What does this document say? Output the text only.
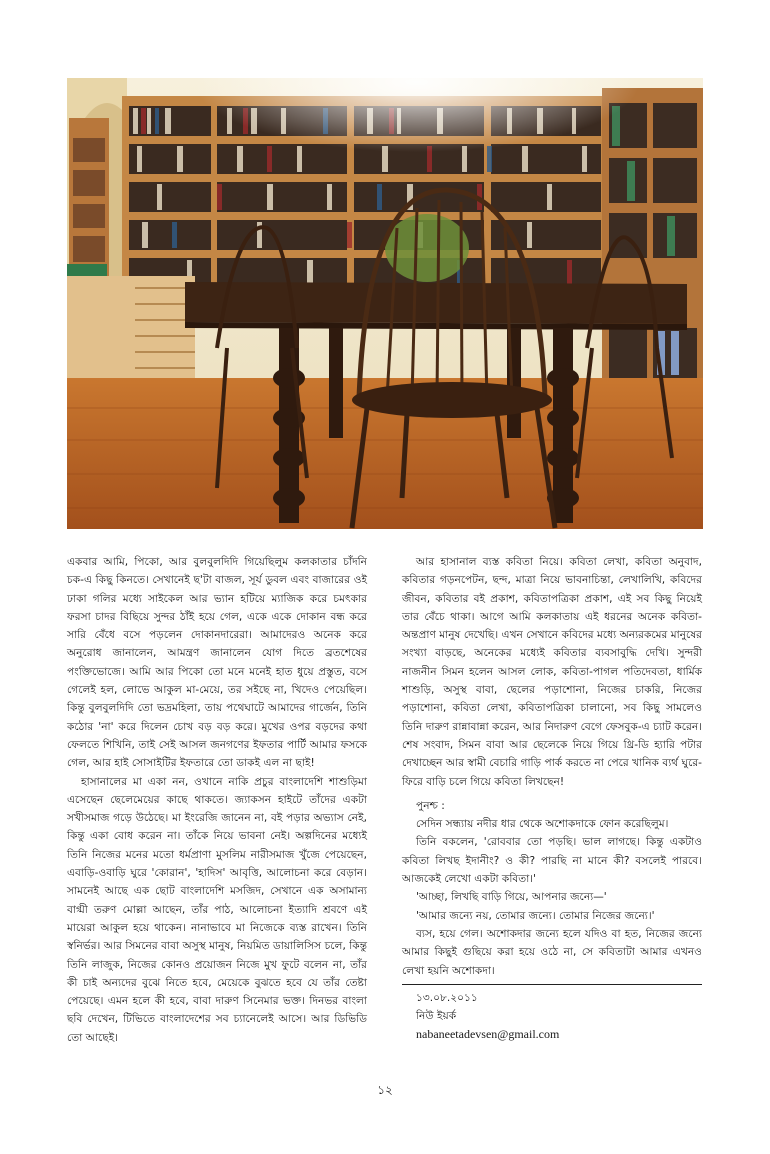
একবার আমি, পিকো, আর বুলবুলদিদি গিয়েছিলুম কলকাতার চাঁদনি চক-এ কিছু কিনতে। সেখানেই ছ'টা বাজল, সূর্য ডুবল এবং বাজারের ওই ঢাকা গলির মধ্যে সাইকেল আর ভ্যান হটিয়ে ম্যাজিক করে চমৎকার ফরসা চাদর বিছিয়ে সুন্দর ঠাঁই হয়ে গেল, একে একে দোকান বন্ধ করে সারি বেঁধে বসে পড়লেন দোকানদারেরা। আমাদেরও অনেক করে অনুরোধ জানালেন, আমন্ত্রণ জানালেন যোগ দিতে ব্রতশেষের পংক্তিভোজে। আমি আর পিকো তো মনে মনেই হাত ধুয়ে প্রস্তুত, বসে গেলেই হল, লোভে আকুল মা-মেয়ে, তর সইছে না, খিদেও পেয়েছিল। কিন্তু বুলবুলদিদি তো ভদ্রমহিলা, তায় পথেঘাটে আমাদের গার্জেন, তিনি কঠোর 'না' করে দিলেন চোখ বড় বড় করে। মুখের ওপর বড়দের কথা ফেলতে শিখিনি, তাই সেই আসল জনগণের ইফতার পার্টি আমার ফসকে গেল, আর হাই সোসাইটির ইফতারে তো ডাকই এল না ছাই!

হাসানালের মা একা নন, ওখানে নাকি প্রচুর বাংলাদেশি শাশুড়িমা এসেছেন ছেলেমেয়ের কাছে থাকতে। জ্যাকসন হাইটে তাঁদের একটা সখীসমাজ গড়ে উঠেছে। মা ইংরেজি জানেন না, বই পড়ার অভ্যাস নেই, কিন্তু একা বোধ করেন না। তাঁকে নিয়ে ভাবনা নেই। অল্পদিনের মধ্যেই তিনি নিজের মনের মতো ধর্মপ্রাণা মুসলিম নারীসমাজ খুঁজে পেয়েছেন, এবাড়ি-ওবাড়ি ঘুরে 'কোরান', 'হাদিস' আবৃত্তি, আলোচনা করে বেড়ান। সামনেই আছে এক ছোট বাংলাদেশি মসজিদ, সেখানে এক অসামান্য বাগ্মী তরুণ মোল্লা আছেন, তাঁর পাঠ, আলোচনা ইত্যাদি শ্রবণে এই মায়েরা আকুল হয়ে থাকেন। নানাভাবে মা নিজেকে ব্যস্ত রাখেন। তিনি স্বনির্ভর। আর সিমনের বাবা অসুস্থ মানুষ, নিয়মিত ডায়ালিসিস চলে, কিন্তু তিনি লাজুক, নিজের কোনও প্রয়োজন নিজে মুখ ফুটে বলেন না, তাঁর কী চাই অন্যদের বুঝে নিতে হবে, মেয়েকে বুঝতে হবে যে তাঁর তেষ্টা পেয়েছে। এমন হলে কী হবে, বাবা দারুণ সিনেমার ভক্ত। দিনভর বাংলা ছবি দেখেন, টিভিতে বাংলাদেশের সব চ্যানেলেই আসে। আর ডিভিডি তো আছেই।

আর হাসানাল ব্যস্ত কবিতা নিয়ে। কবিতা লেখা, কবিতা অনুবাদ, কবিতার গড়নপেটন, ছন্দ, মাত্রা নিয়ে ভাবনাচিন্তা, লেখালিখি, কবিদের জীবন, কবিতার বই প্রকাশ, কবিতাপত্রিকা প্রকাশ, এই সব কিছু নিয়েই তার বেঁচে থাকা। আগে আমি কলকাতায় এই ধরনের অনেক কবিতা-অন্তপ্রাণ মানুষ দেখেছি। এখন সেখানে কবিদের মধ্যে অন্যরকমের মানুষের সংখ্যা বাড়ছে, অনেকের মধ্যেই কবিতার ব্যবসাবুদ্ধি দেখি। সুন্দরী নাজনীন সিমন হলেন আসল লোক, কবিতা-পাগল পতিদেবতা, ধার্মিক শাশুড়ি, অসুস্থ বাবা, ছেলের পড়াশোনা, নিজের চাকরি, নিজের পড়াশোনা, কবিতা লেখা, কবিতাপত্রিকা চালানো, সব কিছু সামলেও তিনি দারুণ রান্নাবান্না করেন, আর নিদারুণ বেগে ফেসবুক-এ চ্যাট করেন। শেষ সংবাদ, সিমন বাবা আর ছেলেকে নিয়ে গিয়ে থ্রি-ডি হ্যারি পটার দেখাচ্ছেন আর স্বামী বেচারি গাড়ি পার্ক করতে না পেরে খানিক ব্যর্থ ঘুরে-ফিরে বাড়ি চলে গিয়ে কবিতা লিখছেন!

পুনশ্চ :

সেদিন সন্ধ্যায় নদীর ধার থেকে অশোকদাকে ফোন করেছিলুম।

তিনি বকলেন, 'রোববার তো পড়ছি। ভাল লাগছে। কিন্তু একটাও কবিতা লিখছ ইদানীং? ও কী? পারছি না মানে কী? বসলেই পারবে। আজকেই লেখো একটা কবিতা।'

'আচ্ছা, লিখছি বাড়ি গিয়ে, আপনার জন্যে—'

'আমার জন্যে নয়, তোমার জন্যে। তোমার নিজের জন্যে।'

ব্যস, হয়ে গেল। অশোকদার জন্যে হলে যদিও বা হত, নিজের জন্যে আমার কিছুই গুছিয়ে করা হয়ে ওঠে না, সে কবিতাটা আমার এখনও লেখা হয়নি অশোকদা।

১৩.০৮.২০১১
নিউ ইয়র্ক
nabaneetadevsen@gmail.com
১২
